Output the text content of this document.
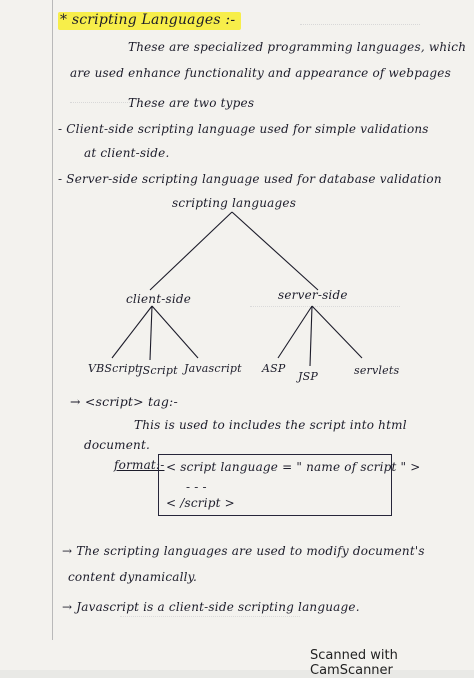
* scripting Languages :-
These are specialized programming languages, which
are used enhance functionality and appearance of webpages
These are two types
- Client-side scripting language used for simple validations
at client-side.
- Server-side scripting language used for database validation
scripting languages
client-side	server-side
VBScript
JScript Javascript ASP
JSP	servlets
→ <script> tag:-
This is used to includes the script into html
document.
format:- < script language = " name of script " >
- - -
< /script >
→ The scripting languages are used to modify document's
content dynamically.
→ Javascript is a client-side scripting language.
Scanned with CamScanner
